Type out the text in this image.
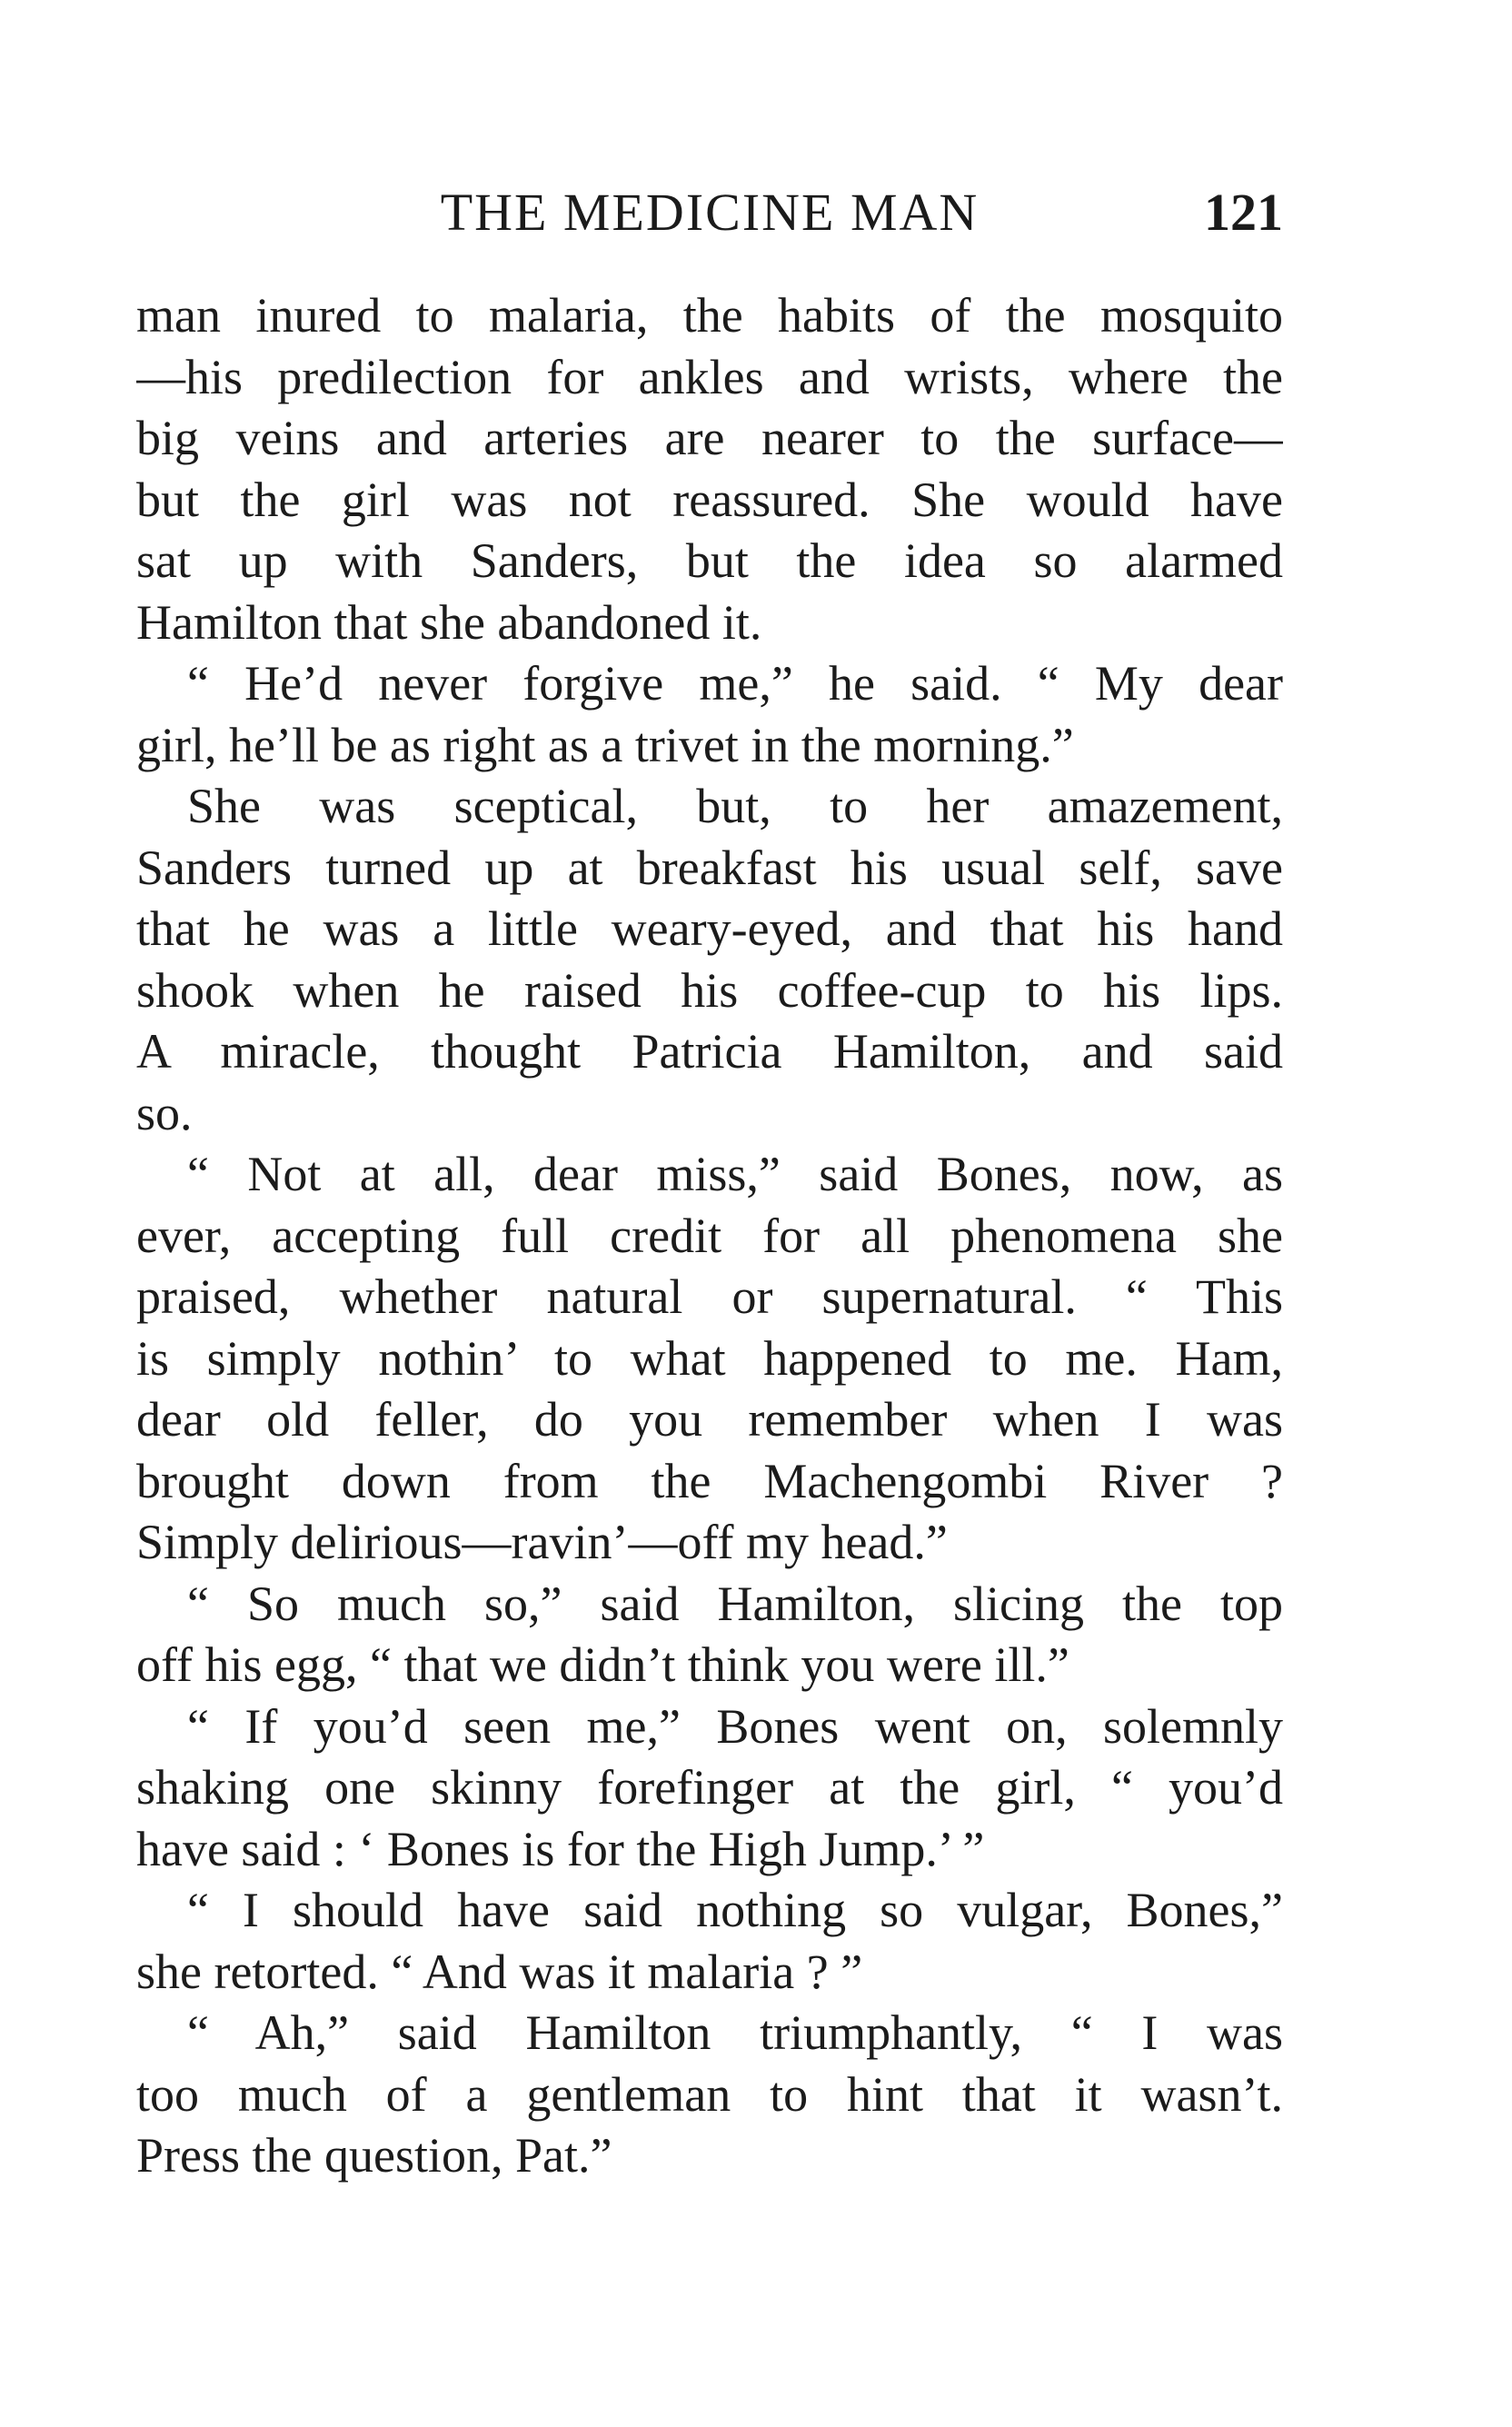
THE MEDICINE MAN	121
man inured to malaria, the habits of the mosquito
—his predilection for ankles and wrists, where the
big veins and arteries are nearer to the surface—
but the girl was not reassured. She would have
sat up with Sanders, but the idea so alarmed
Hamilton that she abandoned it.
“ He’d never forgive me,” he said. “ My dear
girl, he’ll be as right as a trivet in the morning.”
She was sceptical, but, to her amazement,
Sanders turned up at breakfast his usual self, save
that he was a little weary-eyed, and that his hand
shook when he raised his coffee-cup to his lips.
A miracle, thought Patricia Hamilton, and said
so.
“ Not at all, dear miss,” said Bones, now, as
ever, accepting full credit for all phenomena she
praised, whether natural or supernatural. “ This
is simply nothin’ to what happened to me. Ham,
dear old feller, do you remember when I was
brought down from the Machengombi River ?
Simply delirious—ravin’—off my head.”
“ So much so,” said Hamilton, slicing the top
off his egg, “ that we didn’t think you were ill.”
“ If you’d seen me,” Bones went on, solemnly
shaking one skinny forefinger at the girl, “ you’d
have said : ‘ Bones is for the High Jump.’ ”
“ I should have said nothing so vulgar, Bones,”
she retorted. “ And was it malaria ? ”
“ Ah,” said Hamilton triumphantly, “ I was
too much of a gentleman to hint that it wasn’t.
Press the question, Pat.”
